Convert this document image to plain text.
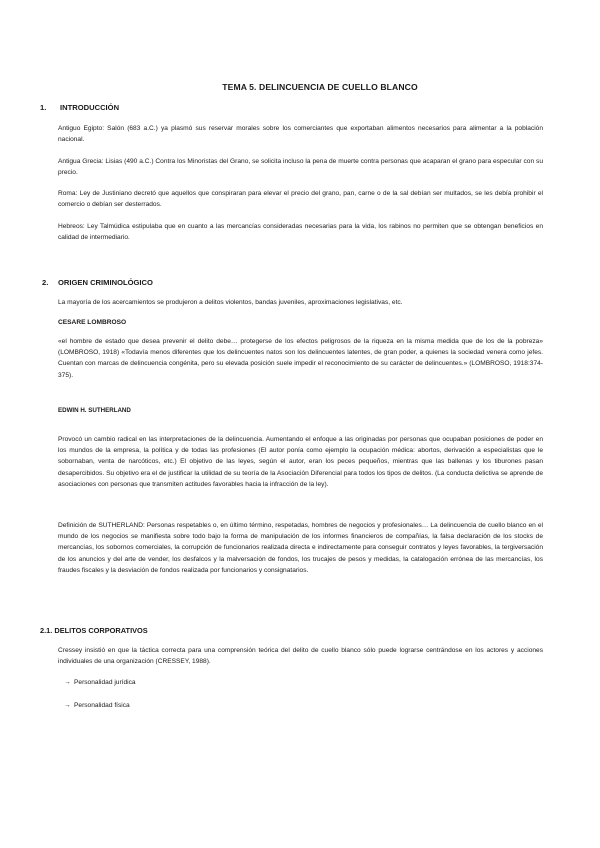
TEMA 5. DELINCUENCIA DE CUELLO BLANCO
1. INTRODUCCIÓN

Antiguo Egipto: Salón (683 a.C.) ya plasmó sus reservar morales sobre los comerciantes que exportaban alimentos necesarios para alimentar a la población nacional.

Antigua Grecia: Lisias (490 a.C.) Contra los Minoristas del Grano, se solicita incluso la pena de muerte contra personas que acaparan el grano para especular con su precio.

Roma: Ley de Justiniano decretó que aquellos que conspiraran para elevar el precio del grano, pan, carne o de la sal debían ser multados, se les debía prohibir el comercio o debían ser desterrados.

Hebreos: Ley Talmúdica estipulaba que en cuanto a las mercancías consideradas necesarias para la vida, los rabinos no permiten que se obtengan beneficios en calidad de intermediario.

2. ORIGEN CRIMINOLÓGICO

La mayoría de los acercamientos se produjeron a delitos violentos, bandas juveniles, aproximaciones legislativas, etc.

CESARE LOMBROSO

«el hombre de estado que desea prevenir el delito debe… protegerse de los efectos peligrosos de la riqueza en la misma medida que de los de la pobreza» (LOMBROSO, 1918) «Todavía menos diferentes que los delincuentes natos son los delincuentes latentes, de gran poder, a quienes la sociedad venera como jefes. Cuentan con marcas de delincuencia congénita, pero su elevada posición suele impedir el reconocimiento de su carácter de delincuentes.» (LOMBROSO, 1918:374-375).

EDWIN H. SUTHERLAND

Provocó un cambio radical en las interpretaciones de la delincuencia. Aumentando el enfoque a las originadas por personas que ocupaban posiciones de poder en los mundos de la empresa, la política y de todas las profesiones (El autor ponía como ejemplo la ocupación médica: abortos, derivación a especialistas que le sobornaban, venta de narcóticos, etc.) El objetivo de las leyes, según el autor, eran los peces pequeños, mientras que las ballenas y los tiburones pasan desapercibidos. Su objetivo era el de justificar la utilidad de su teoría de la Asociación Diferencial para todos los tipos de delitos. (La conducta delictiva se aprende de asociaciones con personas que transmiten actitudes favorables hacia la infracción de la ley).

Definición de SUTHERLAND: Personas respetables o, en último término, respetadas, hombres de negocios y profesionales… La delincuencia de cuello blanco en el mundo de los negocios se manifiesta sobre todo bajo la forma de manipulación de los informes financieros de compañías, la falsa declaración de los stocks de mercancías, los sobornos comerciales, la corrupción de funcionarios realizada directa e indirectamente para conseguir contratos y leyes favorables, la tergiversación de los anuncios y del arte de vender, los desfalcos y la malversación de fondos, los trucajes de pesos y medidas, la catalogación errónea de las mercancías, los fraudes fiscales y la desviación de fondos realizada por funcionarios y consignatarios.

2.1. DELITOS CORPORATIVOS

Cressey insistió en que la táctica correcta para una comprensión teórica del delito de cuello blanco sólo puede lograrse centrándose en los actores y acciones individuales de una organización (CRESSEY, 1988).

→ Personalidad jurídica
→ Personalidad física
